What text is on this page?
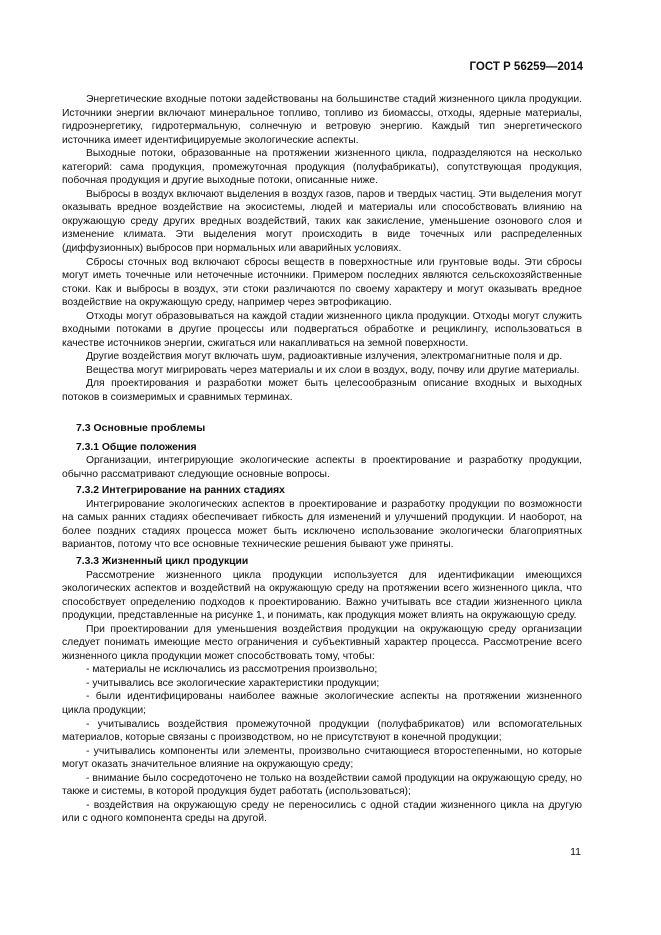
ГОСТ Р 56259—2014

Энергетические входные потоки задействованы на большинстве стадий жизненного цикла продукции. Источники энергии включают минеральное топливо, топливо из биомассы, отходы, ядерные материалы, гидроэнергетику, гидротермальную, солнечную и ветровую энергию. Каждый тип энергетического источника имеет идентифицируемые экологические аспекты.

Выходные потоки, образованные на протяжении жизненного цикла, подразделяются на несколько категорий: сама продукция, промежуточная продукция (полуфабрикаты), сопутствующая продукция, побочная продукция и другие выходные потоки, описанные ниже.

Выбросы в воздух включают выделения в воздух газов, паров и твердых частиц. Эти выделения могут оказывать вредное воздействие на экосистемы, людей и материалы или способствовать влиянию на окружающую среду других вредных воздействий, таких как закисление, уменьшение озонового слоя и изменение климата. Эти выделения могут происходить в виде точечных или распределенных (диффузионных) выбросов при нормальных или аварийных условиях.

Сбросы сточных вод включают сбросы веществ в поверхностные или грунтовые воды. Эти сбросы могут иметь точечные или неточечные источники. Примером последних являются сельскохозяйственные стоки. Как и выбросы в воздух, эти стоки различаются по своему характеру и могут оказывать вредное воздействие на окружающую среду, например через эвтрофикацию.

Отходы могут образовываться на каждой стадии жизненного цикла продукции. Отходы могут служить входными потоками в другие процессы или подвергаться обработке и рециклингу, использоваться в качестве источников энергии, сжигаться или накапливаться на земной поверхности.

Другие воздействия могут включать шум, радиоактивные излучения, электромагнитные поля и др.

Вещества могут мигрировать через материалы и их слои в воздух, воду, почву или другие материалы.

Для проектирования и разработки может быть целесообразным описание входных и выходных потоков в соизмеримых и сравнимых терминах.

7.3 Основные проблемы
7.3.1 Общие положения

Организации, интегрирующие экологические аспекты в проектирование и разработку продукции, обычно рассматривают следующие основные вопросы.

7.3.2 Интегрирование на ранних стадиях

Интегрирование экологических аспектов в проектирование и разработку продукции по возможности на самых ранних стадиях обеспечивает гибкость для изменений и улучшений продукции. И наоборот, на более поздних стадиях процесса может быть исключено использование экологически благоприятных вариантов, потому что все основные технические решения бывают уже приняты.

7.3.3 Жизненный цикл продукции

Рассмотрение жизненного цикла продукции используется для идентификации имеющихся экологических аспектов и воздействий на окружающую среду на протяжении всего жизненного цикла, что способствует определению подходов к проектированию. Важно учитывать все стадии жизненного цикла продукции, представленные на рисунке 1, и понимать, как продукция может влиять на окружающую среду.

При проектировании для уменьшения воздействия продукции на окружающую среду организации следует понимать имеющие место ограничения и субъективный характер процесса. Рассмотрение всего жизненного цикла продукции может способствовать тому, чтобы:

- материалы не исключались из рассмотрения произвольно;

- учитывались все экологические характеристики продукции;

- были идентифицированы наиболее важные экологические аспекты на протяжении жизненного цикла продукции;

- учитывались воздействия промежуточной продукции (полуфабрикатов) или вспомогательных материалов, которые связаны с производством, но не присутствуют в конечной продукции;

- учитывались компоненты или элементы, произвольно считающиеся второстепенными, но которые могут оказать значительное влияние на окружающую среду;

- внимание было сосредоточено не только на воздействии самой продукции на окружающую среду, но также и системы, в которой продукция будет работать (использоваться);

- воздействия на окружающую среду не переносились с одной стадии жизненного цикла на другую или с одного компонента среды на другой.

11
